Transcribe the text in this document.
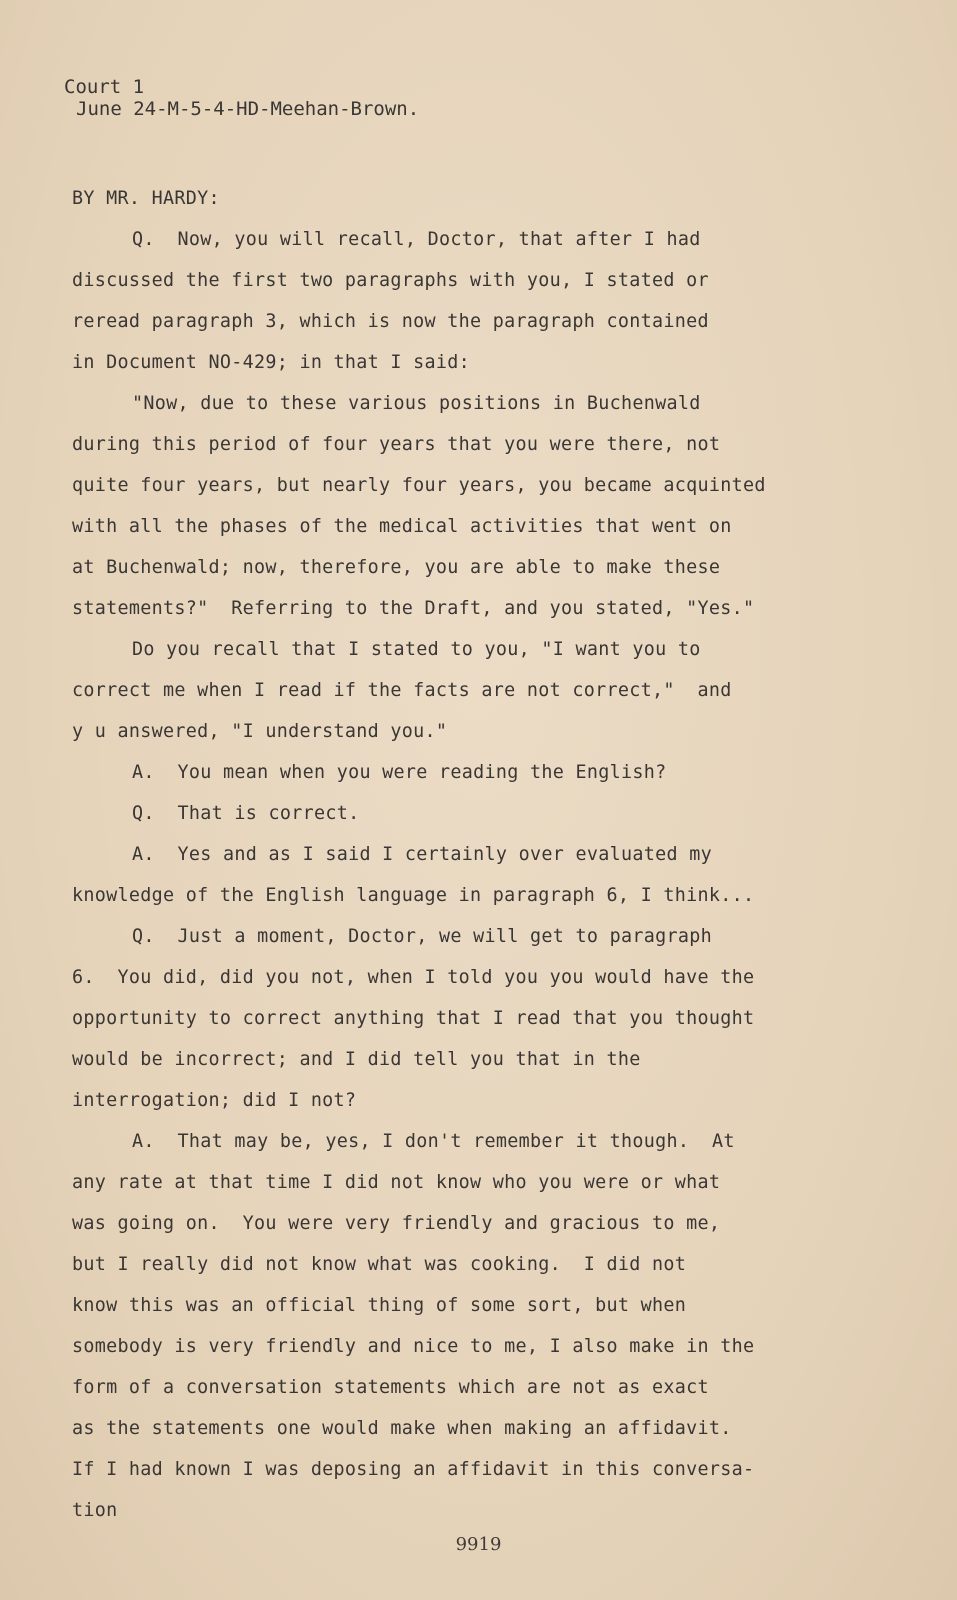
Court 1
June 24-M-5-4-HD-Meehan-Brown.
BY MR. HARDY:
Q.  Now, you will recall, Doctor, that after I had
discussed the first two paragraphs with you, I stated or
reread paragraph 3, which is now the paragraph contained
in Document NO-429; in that I said:
"Now, due to these various positions in Buchenwald
during this period of four years that you were there, not
quite four years, but nearly four years, you became acquinted
with all the phases of the medical activities that went on
at Buchenwald; now, therefore, you are able to make these
statements?"  Referring to the Draft, and you stated, "Yes."
Do you recall that I stated to you, "I want you to
correct me when I read if the facts are not correct,"  and
y u answered, "I understand you."
A.  You mean when you were reading the English?
Q.  That is correct.
A.  Yes and as I said I certainly over evaluated my
knowledge of the English language in paragraph 6, I think...
Q.  Just a moment, Doctor, we will get to paragraph
6.  You did, did you not, when I told you you would have the
opportunity to correct anything that I read that you thought
would be incorrect; and I did tell you that in the
interrogation; did I not?
A.  That may be, yes, I don't remember it though.  At
any rate at that time I did not know who you were or what
was going on.  You were very friendly and gracious to me,
but I really did not know what was cooking.  I did not
know this was an official thing of some sort, but when
somebody is very friendly and nice to me, I also make in the
form of a conversation statements which are not as exact
as the statements one would make when making an affidavit.
If I had known I was deposing an affidavit in this conversa-
tion
9919
